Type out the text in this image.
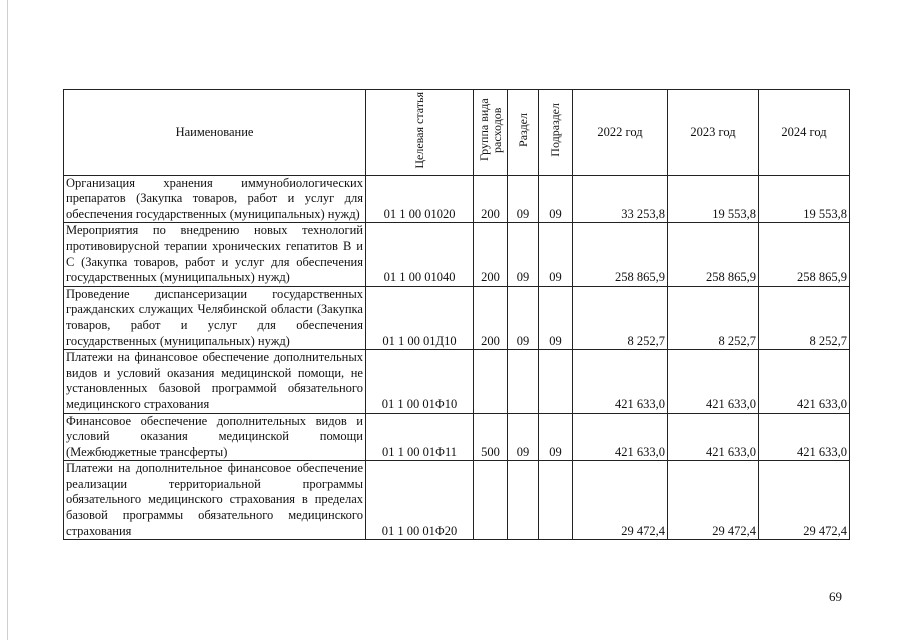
Наименование	Целевая статья	Группа вида расходов	Раздел	Подраздел	2022 год	2023 год	2024 год
Организация хранения иммунобиологических препаратов (Закупка товаров, работ и услуг для обеспечения государственных (муниципальных) нужд)	01 1 00 01020	200	09	09	33 253,8	19 553,8	19 553,8
Мероприятия по внедрению новых технологий противовирусной терапии хронических гепатитов В и С (Закупка товаров, работ и услуг для обеспечения государственных (муниципальных) нужд)	01 1 00 01040	200	09	09	258 865,9	258 865,9	258 865,9
Проведение диспансеризации государственных гражданских служащих Челябинской области (Закупка товаров, работ и услуг для обеспечения государственных (муниципальных) нужд)	01 1 00 01Д10	200	09	09	8 252,7	8 252,7	8 252,7
Платежи на финансовое обеспечение дополнительных видов и условий оказания медицинской помощи, не установленных базовой программой обязательного медицинского страхования	01 1 00 01Ф10				421 633,0	421 633,0	421 633,0
Финансовое обеспечение дополнительных видов и условий оказания медицинской помощи (Межбюджетные трансферты)	01 1 00 01Ф11	500	09	09	421 633,0	421 633,0	421 633,0
Платежи на дополнительное финансовое обеспечение реализации территориальной программы обязательного медицинского страхования в пределах базовой программы обязательного медицинского страхования	01 1 00 01Ф20				29 472,4	29 472,4	29 472,4
69
